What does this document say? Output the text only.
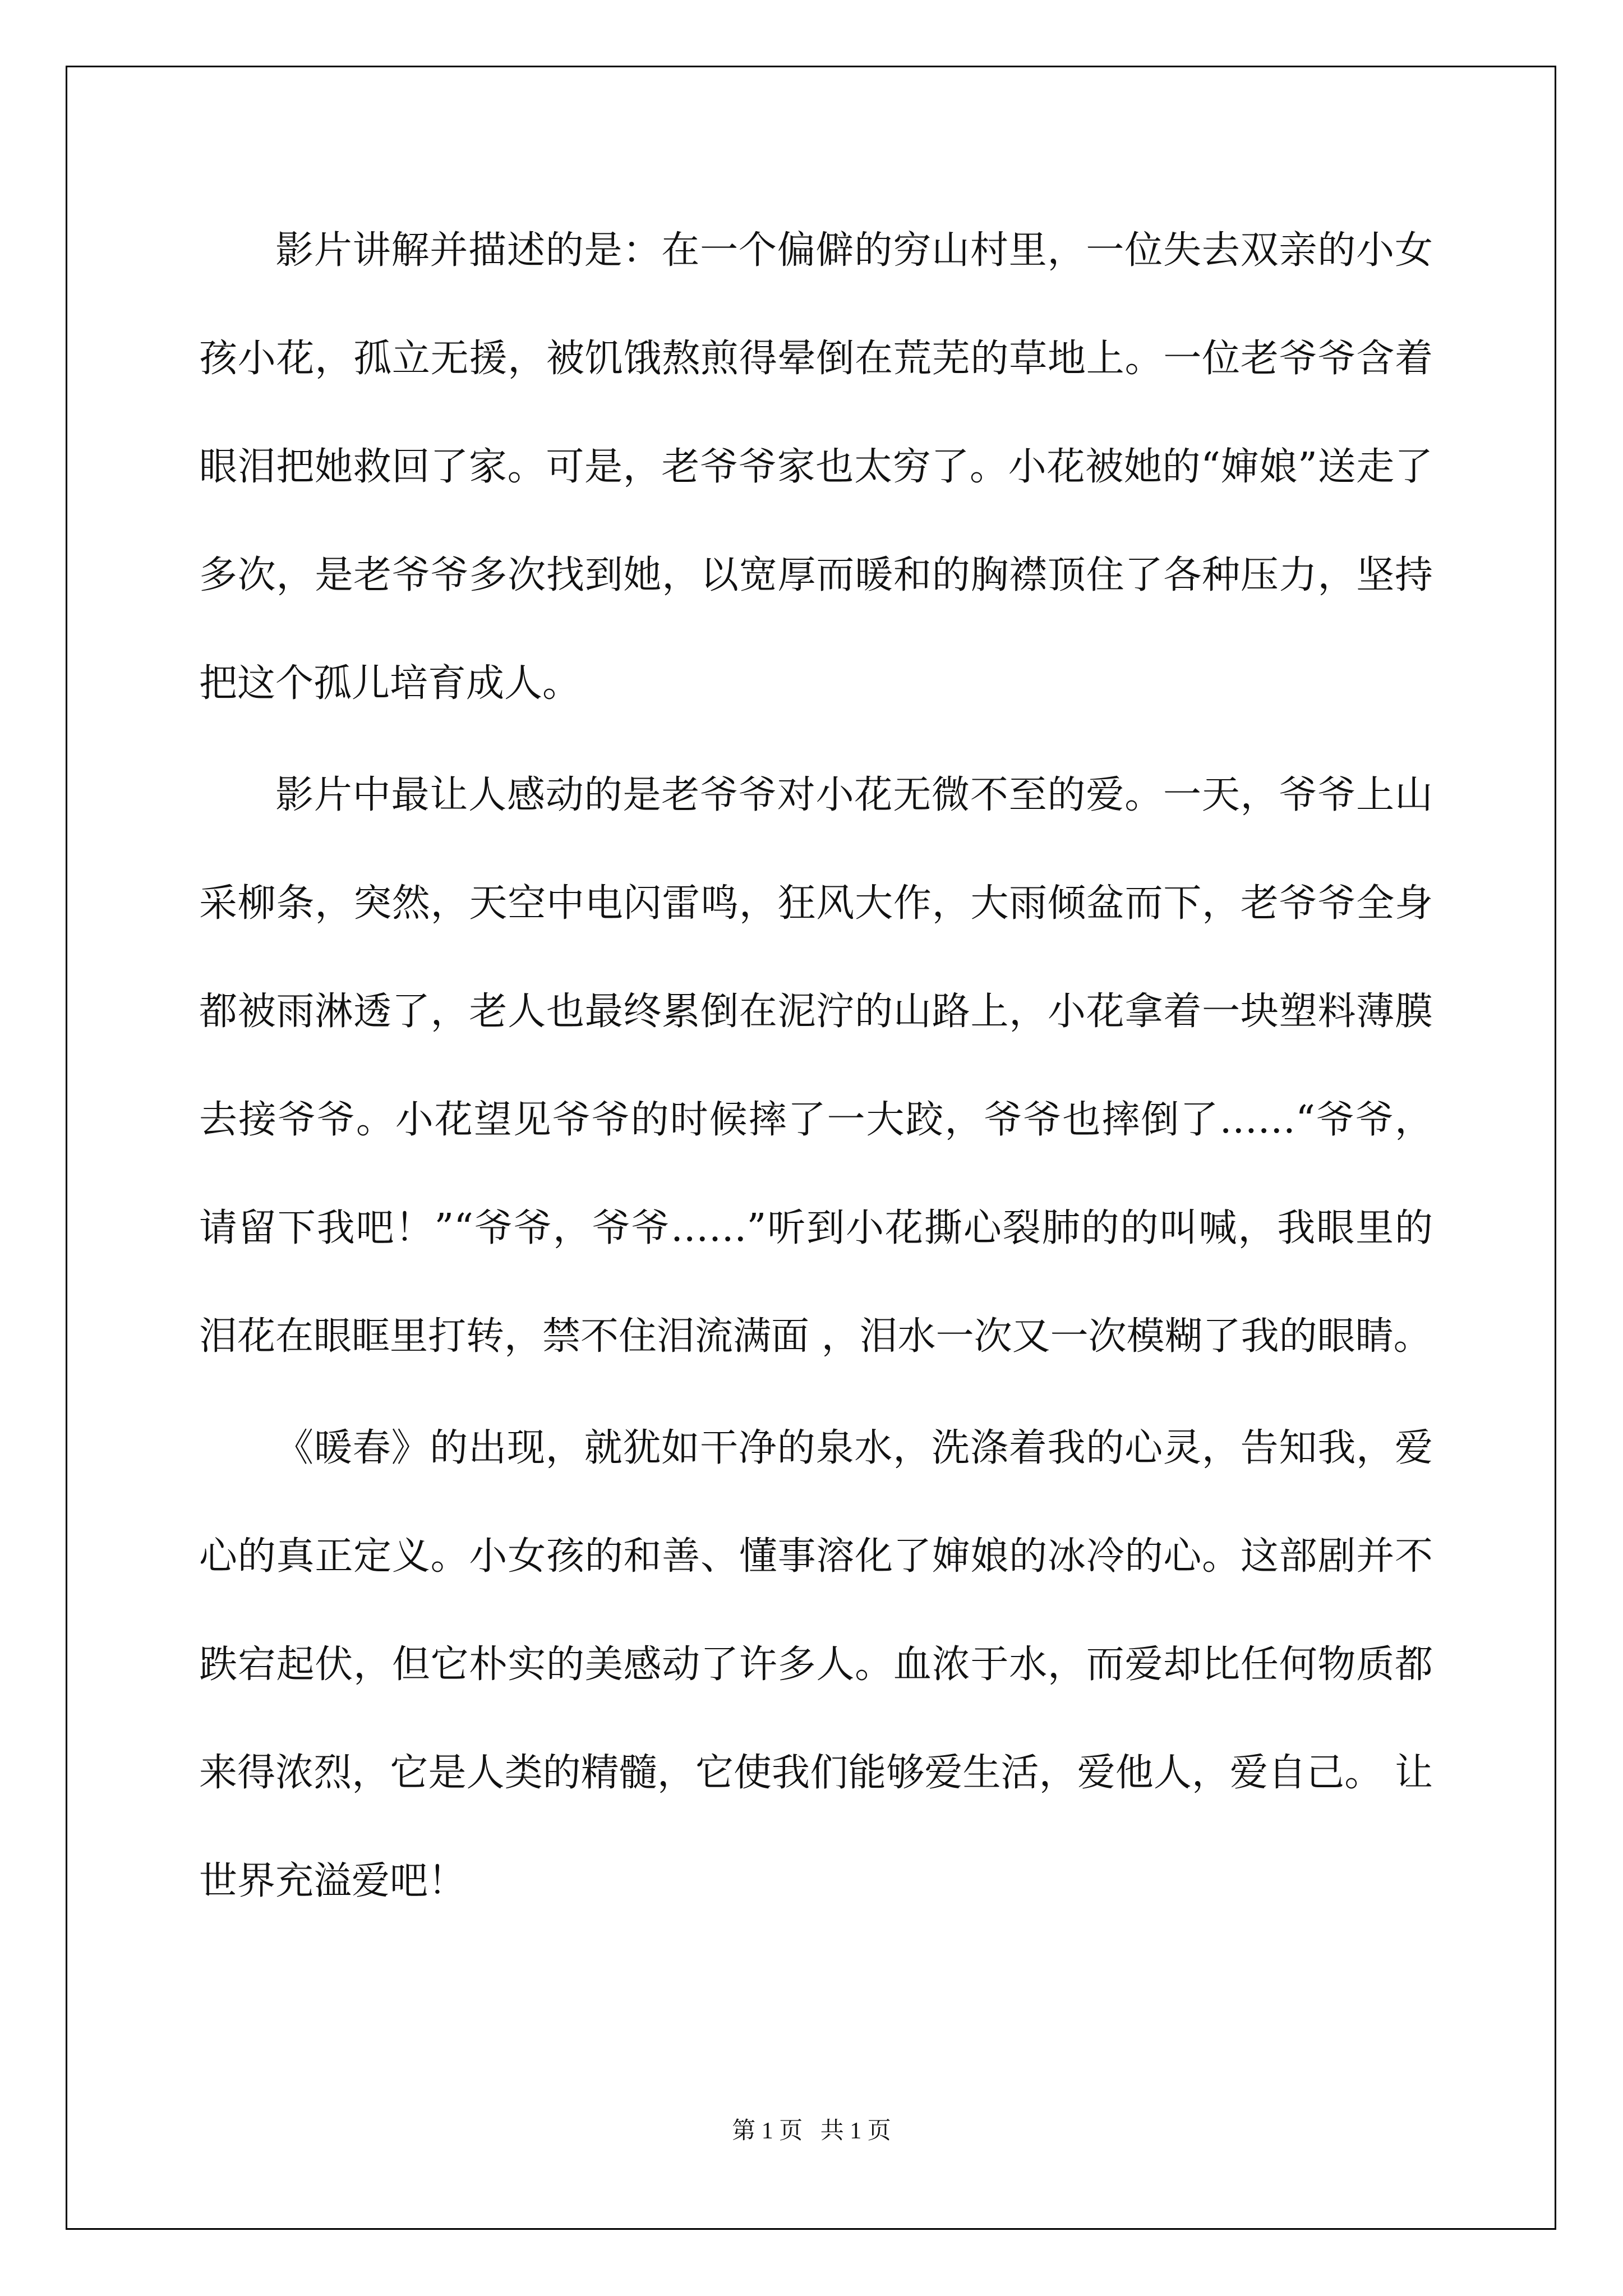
影片讲解并描述的是：在一个偏僻的穷山村里，一位失去双亲的小女孩小花，孤立无援，被饥饿熬煎得晕倒在荒芜的草地上。一位老爷爷含着眼泪把她救回了家。可是，老爷爷家也太穷了。小花被她的“婶娘”送走了多次，是老爷爷多次找到她，以宽厚而暖和的胸襟顶住了各种压力，坚持把这个孤儿培育成人。

影片中最让人感动的是老爷爷对小花无微不至的爱。一天，爷爷上山采柳条，突然，天空中电闪雷鸣，狂风大作，大雨倾盆而下，老爷爷全身都被雨淋透了，老人也最终累倒在泥泞的山路上，小花拿着一块塑料薄膜去接爷爷。小花望见爷爷的时候摔了一大跤，爷爷也摔倒了……“爷爷，请留下我吧！”“爷爷，爷爷……”听到小花撕心裂肺的的叫喊，我眼里的泪花在眼眶里打转，禁不住泪流满面 ，泪水一次又一次模糊了我的眼睛。

《暖春》的出现，就犹如干净的泉水，洗涤着我的心灵，告知我，爱心的真正定义。小女孩的和善、懂事溶化了婶娘的冰冷的心。这部剧并不跌宕起伏，但它朴实的美感动了许多人。血浓于水，而爱却比任何物质都来得浓烈，它是人类的精髓，它使我们能够爱生活，爱他人，爱自己。 让世界充溢爱吧！

第 1 页   共 1 页
